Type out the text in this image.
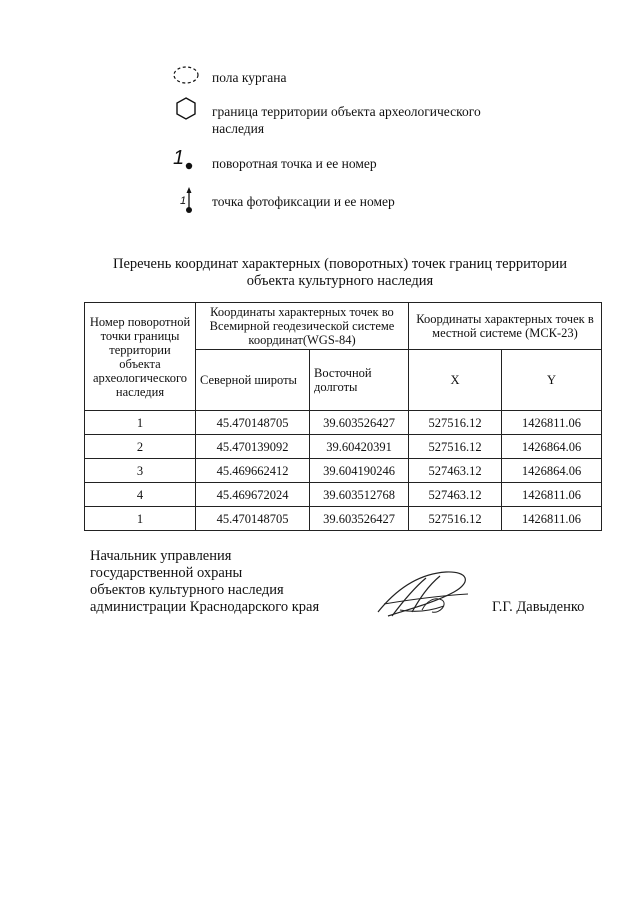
пола кургана
граница территории объекта археологического наследия
1 поворотная точка и ее номер
1 точка фотофиксации и ее номер
Перечень координат характерных (поворотных) точек границ территории
объекта культурного наследия
Номер поворотной точки границы территории объекта археологического наследия	Координаты характерных точек во Всемирной геодезической системе координат(WGS-84)		Координаты характерных точек в местной системе (МСК-23)	
	Северной широты	Восточной долготы	X	Y
1	45.470148705	39.603526427	527516.12	1426811.06
2	45.470139092	39.60420391	527516.12	1426864.06
3	45.469662412	39.604190246	527463.12	1426864.06
4	45.469672024	39.603512768	527463.12	1426811.06
1	45.470148705	39.603526427	527516.12	1426811.06
Начальник управления
государственной охраны
объектов культурного наследия
администрации Краснодарского края	Г.Г. Давыденко
